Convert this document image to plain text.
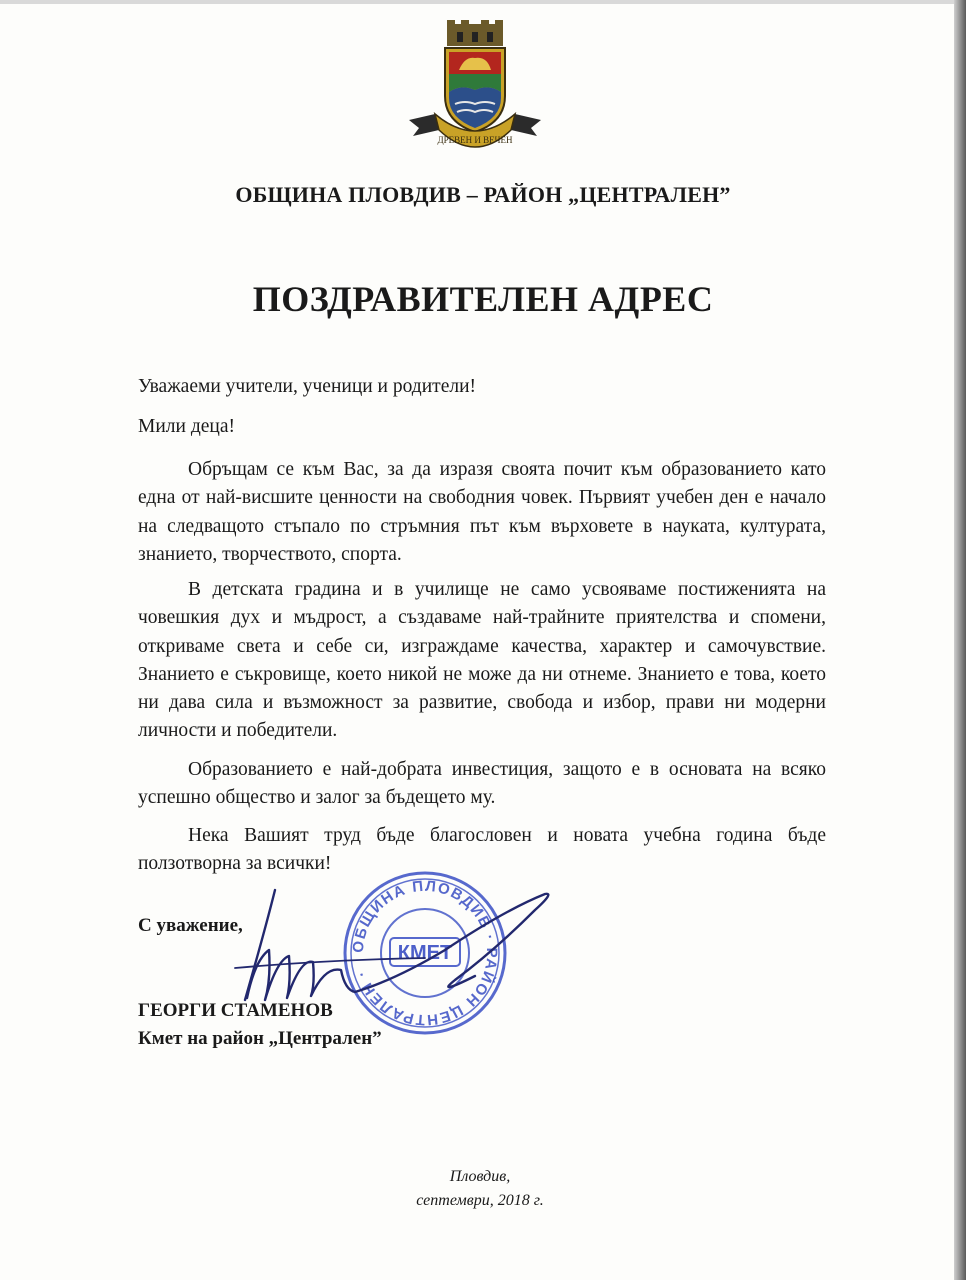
ДРЕВЕН И ВЕЧЕН
ОБЩИНА ПЛОВДИВ – РАЙОН „ЦЕНТРАЛЕН”
ПОЗДРАВИТЕЛЕН АДРЕС
Уважаеми учители, ученици и родители!
Мили деца!
Обръщам се към Вас, за да изразя своята почит към образованието като една от най-висшите ценности на свободния човек. Първият учебен ден е начало на следващото стъпало по стръмния път към върховете в науката, културата, знанието, творчеството, спорта.
В детската градина и в училище не само усвояваме постиженията на човешкия дух и мъдрост, а създаваме най-трайните приятелства и спомени, откриваме света и себе си, изграждаме качества, характер и самочувствие. Знанието е съкровище, което никой не може да ни отнеме. Знанието е това, което ни дава сила и възможност за развитие, свобода и избор, прави ни модерни личности и победители.
Образованието е най-добрата инвестиция, защото е в основата на всяко успешно общество и залог за бъдещето му.
Нека Вашият труд бъде благословен и новата учебна година бъде ползотворна за всички!
С уважение,
ОБЩИНА ПЛОВДИВ · РАЙОН ЦЕНТРАЛЕН ·
КМЕТ
ГЕОРГИ СТАМЕНОВ
Кмет на район „Централен”
Пловдив,
септември, 2018 г.
